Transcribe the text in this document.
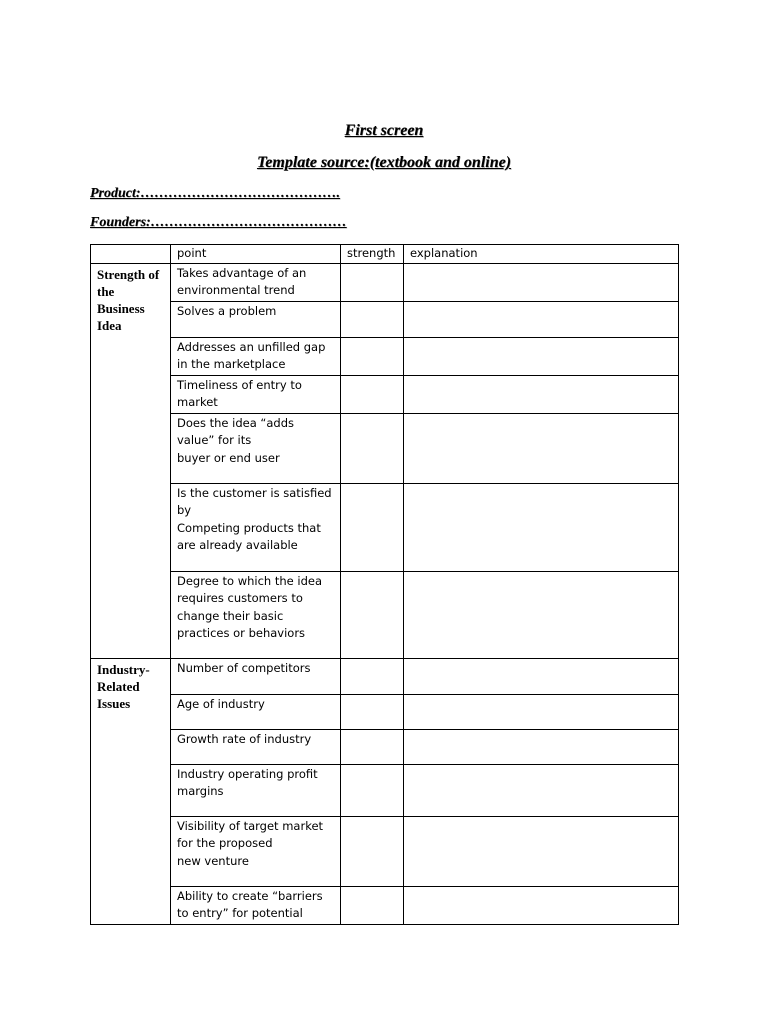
First screen
Template source:(textbook and online)
Product:…………………………………….
Founders:……………………………………
	point	strength	explanation
Strength of the Business Idea	Takes advantage of an environmental trend		
	Solves a problem		
	Addresses an unfilled gap in the marketplace		
	Timeliness of entry to market		
	Does the idea “adds value” for its
buyer or end user		
	Is the customer is satisfied by
Competing products that are already available		
	Degree to which the idea requires customers to change their basic practices or behaviors		
Industry-Related Issues	Number of competitors		
	Age of industry		
	Growth rate of industry		
	Industry operating profit margins		
	Visibility of target market for the proposed
new venture		
	Ability to create “barriers to entry” for potential		
